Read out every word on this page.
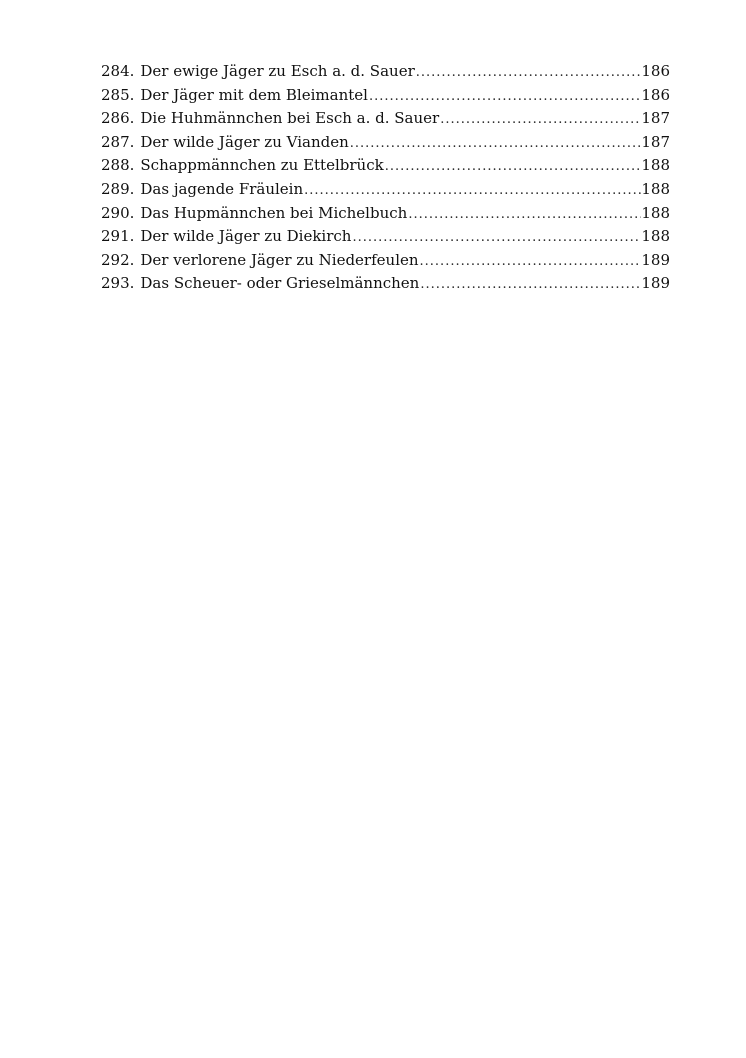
284. Der ewige Jäger zu Esch a. d. Sauer .....	186
285. Der Jäger mit dem Bleimantel .....	186
286. Die Huhmännchen bei Esch a. d. Sauer .....	187
287. Der wilde Jäger zu Vianden .....	187
288. Schappmännchen zu Ettelbrück .....	188
289. Das jagende Fräulein .....	188
290. Das Hupmännchen bei Michelbuch .....	188
291. Der wilde Jäger zu Diekirch .....	188
292. Der verlorene Jäger zu Niederfeulen .....	189
293. Das Scheuer- oder Grieselmännchen .....	189
